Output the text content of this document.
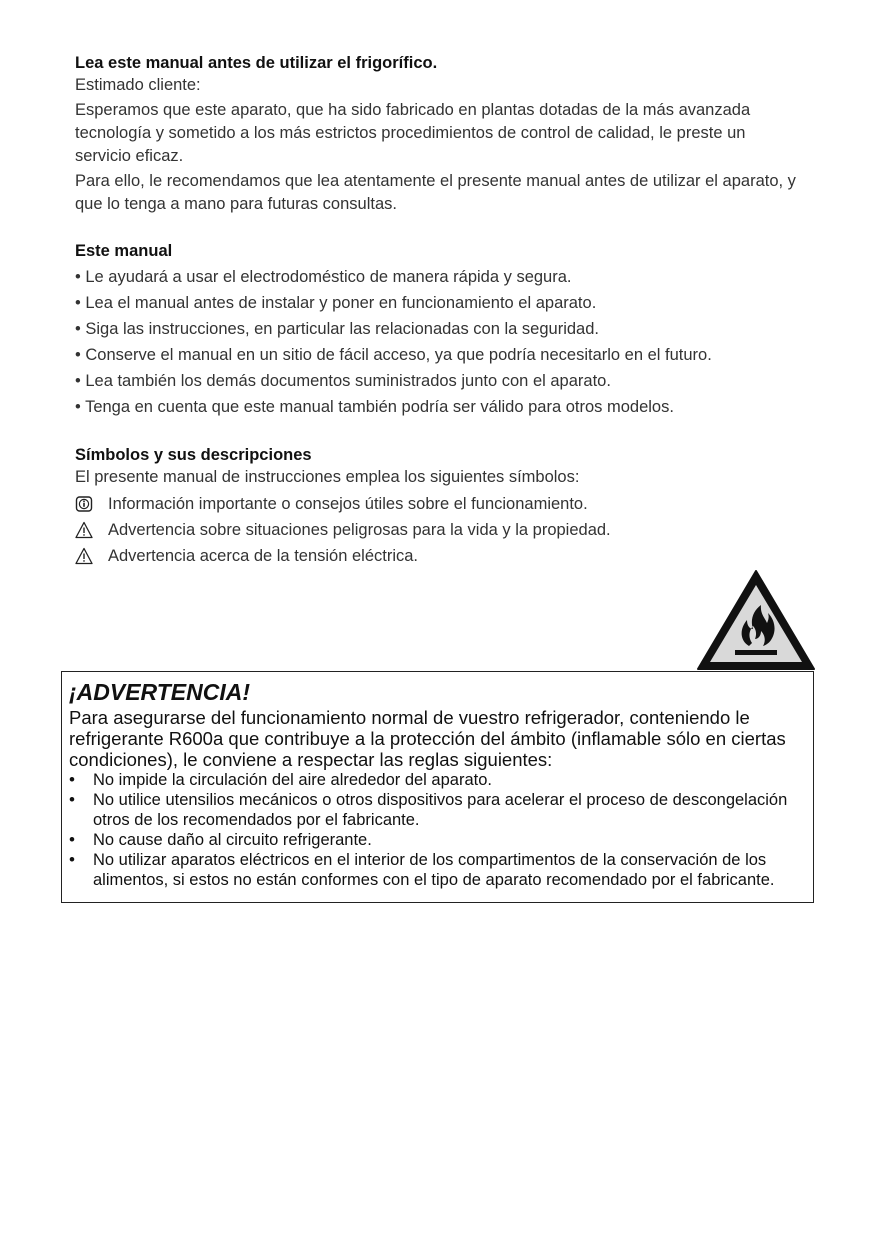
Lea este manual antes de utilizar el frigorífico.

Estimado cliente:

Esperamos que este aparato, que ha sido fabricado en plantas dotadas de la más avanzada tecnología y sometido a los más estrictos procedimientos de control de calidad, le preste un servicio eficaz.

Para ello, le recomendamos que lea atentamente el presente manual antes de utilizar el aparato, y que lo tenga a mano para futuras consultas.

Este manual

• Le ayudará a usar el electrodoméstico de manera rápida y segura.
• Lea el manual antes de instalar y poner en funcionamiento el aparato.
• Siga las instrucciones, en particular las relacionadas con la seguridad.
• Conserve el manual en un sitio de fácil acceso, ya que podría necesitarlo en el futuro.
• Lea también los demás documentos suministrados junto con el aparato.
• Tenga en cuenta que este manual también podría ser válido para otros modelos.

Símbolos y sus descripciones

El presente manual de instrucciones emplea los siguientes símbolos:

Información importante o consejos útiles sobre el funcionamiento.
Advertencia sobre situaciones peligrosas para la vida y la propiedad.
Advertencia acerca de la tensión eléctrica.

¡ADVERTENCIA!

Para asegurarse del funcionamiento normal de vuestro refrigerador, conteniendo le refrigerante R600a que contribuye a la protección del ámbito (inflamable sólo en ciertas condiciones), le conviene a respectar las reglas siguientes:

• No impide la circulación del aire alrededor del aparato.
• No utilice utensilios mecánicos o otros dispositivos para acelerar el proceso de descongelación otros de los recomendados por el fabricante.
• No cause daño al circuito refrigerante.
• No utilizar aparatos eléctricos en el interior de los compartimentos de la conservación de los alimentos, si estos no están conformes con el tipo de aparato recomendado por el fabricante.
